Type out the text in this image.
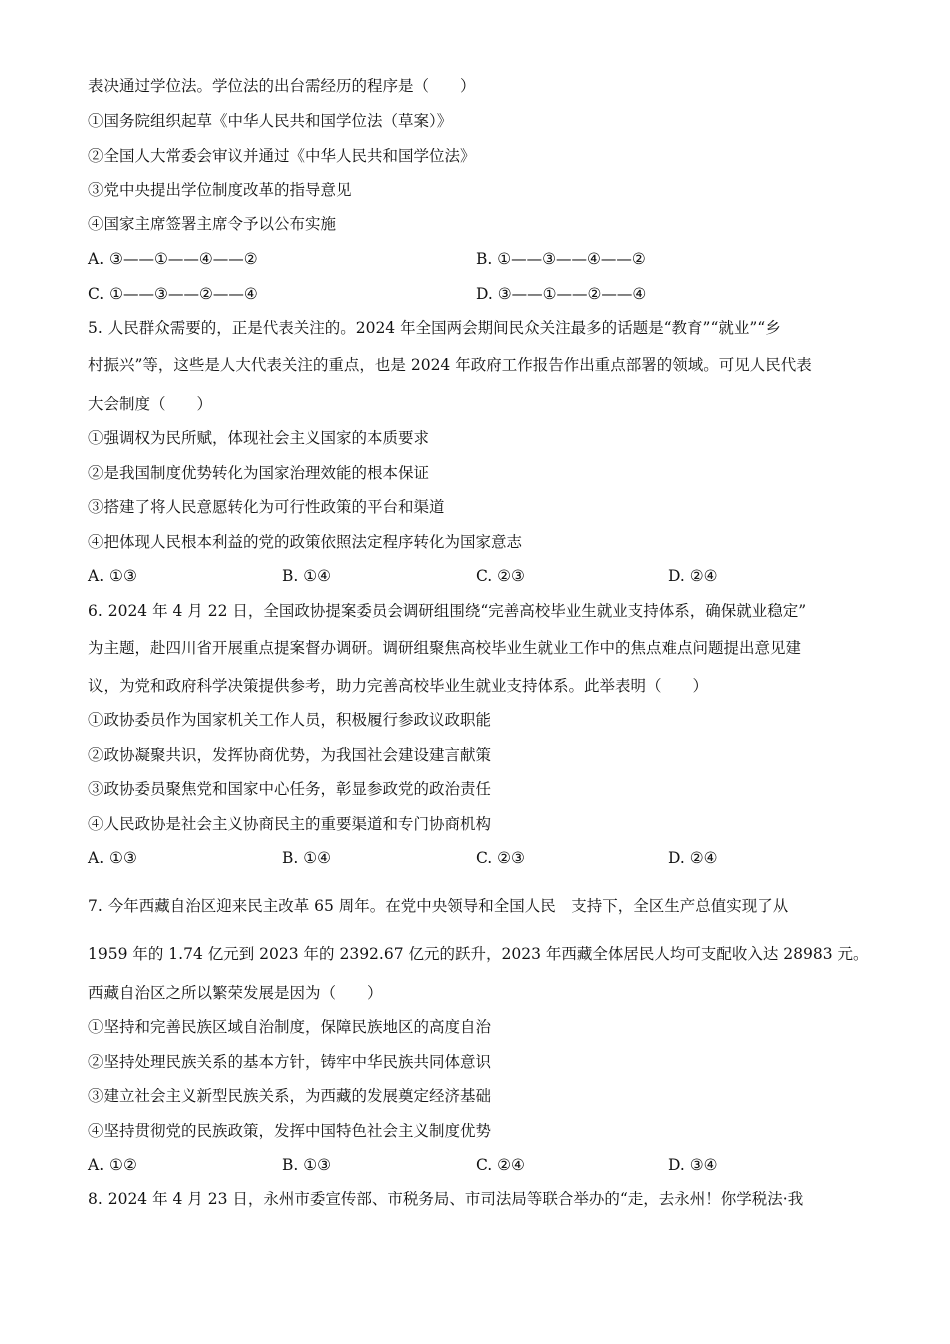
表决通过学位法。学位法的出台需经历的程序是（　　）
①国务院组织起草《中华人民共和国学位法（草案）》
②全国人大常委会审议并通过《中华人民共和国学位法》
③党中央提出学位制度改革的指导意见
④国家主席签署主席令予以公布实施
A. ③——①——④——②	B. ①——③——④——②
C. ①——③——②——④	D. ③——①——②——④
5. 人民群众需要的，正是代表关注的。2024 年全国两会期间民众关注最多的话题是“教育”“就业”“乡
村振兴”等，这些是人大代表关注的重点，也是 2024 年政府工作报告作出重点部署的领域。可见人民代表
大会制度（　　）
①强调权为民所赋，体现社会主义国家的本质要求
②是我国制度优势转化为国家治理效能的根本保证
③搭建了将人民意愿转化为可行性政策的平台和渠道
④把体现人民根本利益的党的政策依照法定程序转化为国家意志
A. ①③	B. ①④	C. ②③	D. ②④
6. 2024 年 4 月 22 日，全国政协提案委员会调研组围绕“完善高校毕业生就业支持体系，确保就业稳定”
为主题，赴四川省开展重点提案督办调研。调研组聚焦高校毕业生就业工作中的焦点难点问题提出意见建
议，为党和政府科学决策提供参考，助力完善高校毕业生就业支持体系。此举表明（　　）
①政协委员作为国家机关工作人员，积极履行参政议政职能
②政协凝聚共识，发挥协商优势，为我国社会建设建言献策
③政协委员聚焦党和国家中心任务，彰显参政党的政治责任
④人民政协是社会主义协商民主的重要渠道和专门协商机构
A. ①③	B. ①④	C. ②③	D. ②④
7. 今年西藏自治区迎来民主改革 65 周年。在党中央领导和全国人民　支持下，全区生产总值实现了从
1959 年的 1.74 亿元到 2023 年的 2392.67 亿元的跃升，2023 年西藏全体居民人均可支配收入达 28983 元。
西藏自治区之所以繁荣发展是因为（　　）
①坚持和完善民族区域自治制度，保障民族地区的高度自治
②坚持处理民族关系的基本方针，铸牢中华民族共同体意识
③建立社会主义新型民族关系，为西藏的发展奠定经济基础
④坚持贯彻党的民族政策，发挥中国特色社会主义制度优势
A. ①②	B. ①③	C. ②④	D. ③④
8. 2024 年 4 月 23 日，永州市委宣传部、市税务局、市司法局等联合举办的“走，去永州！你学税法·我
